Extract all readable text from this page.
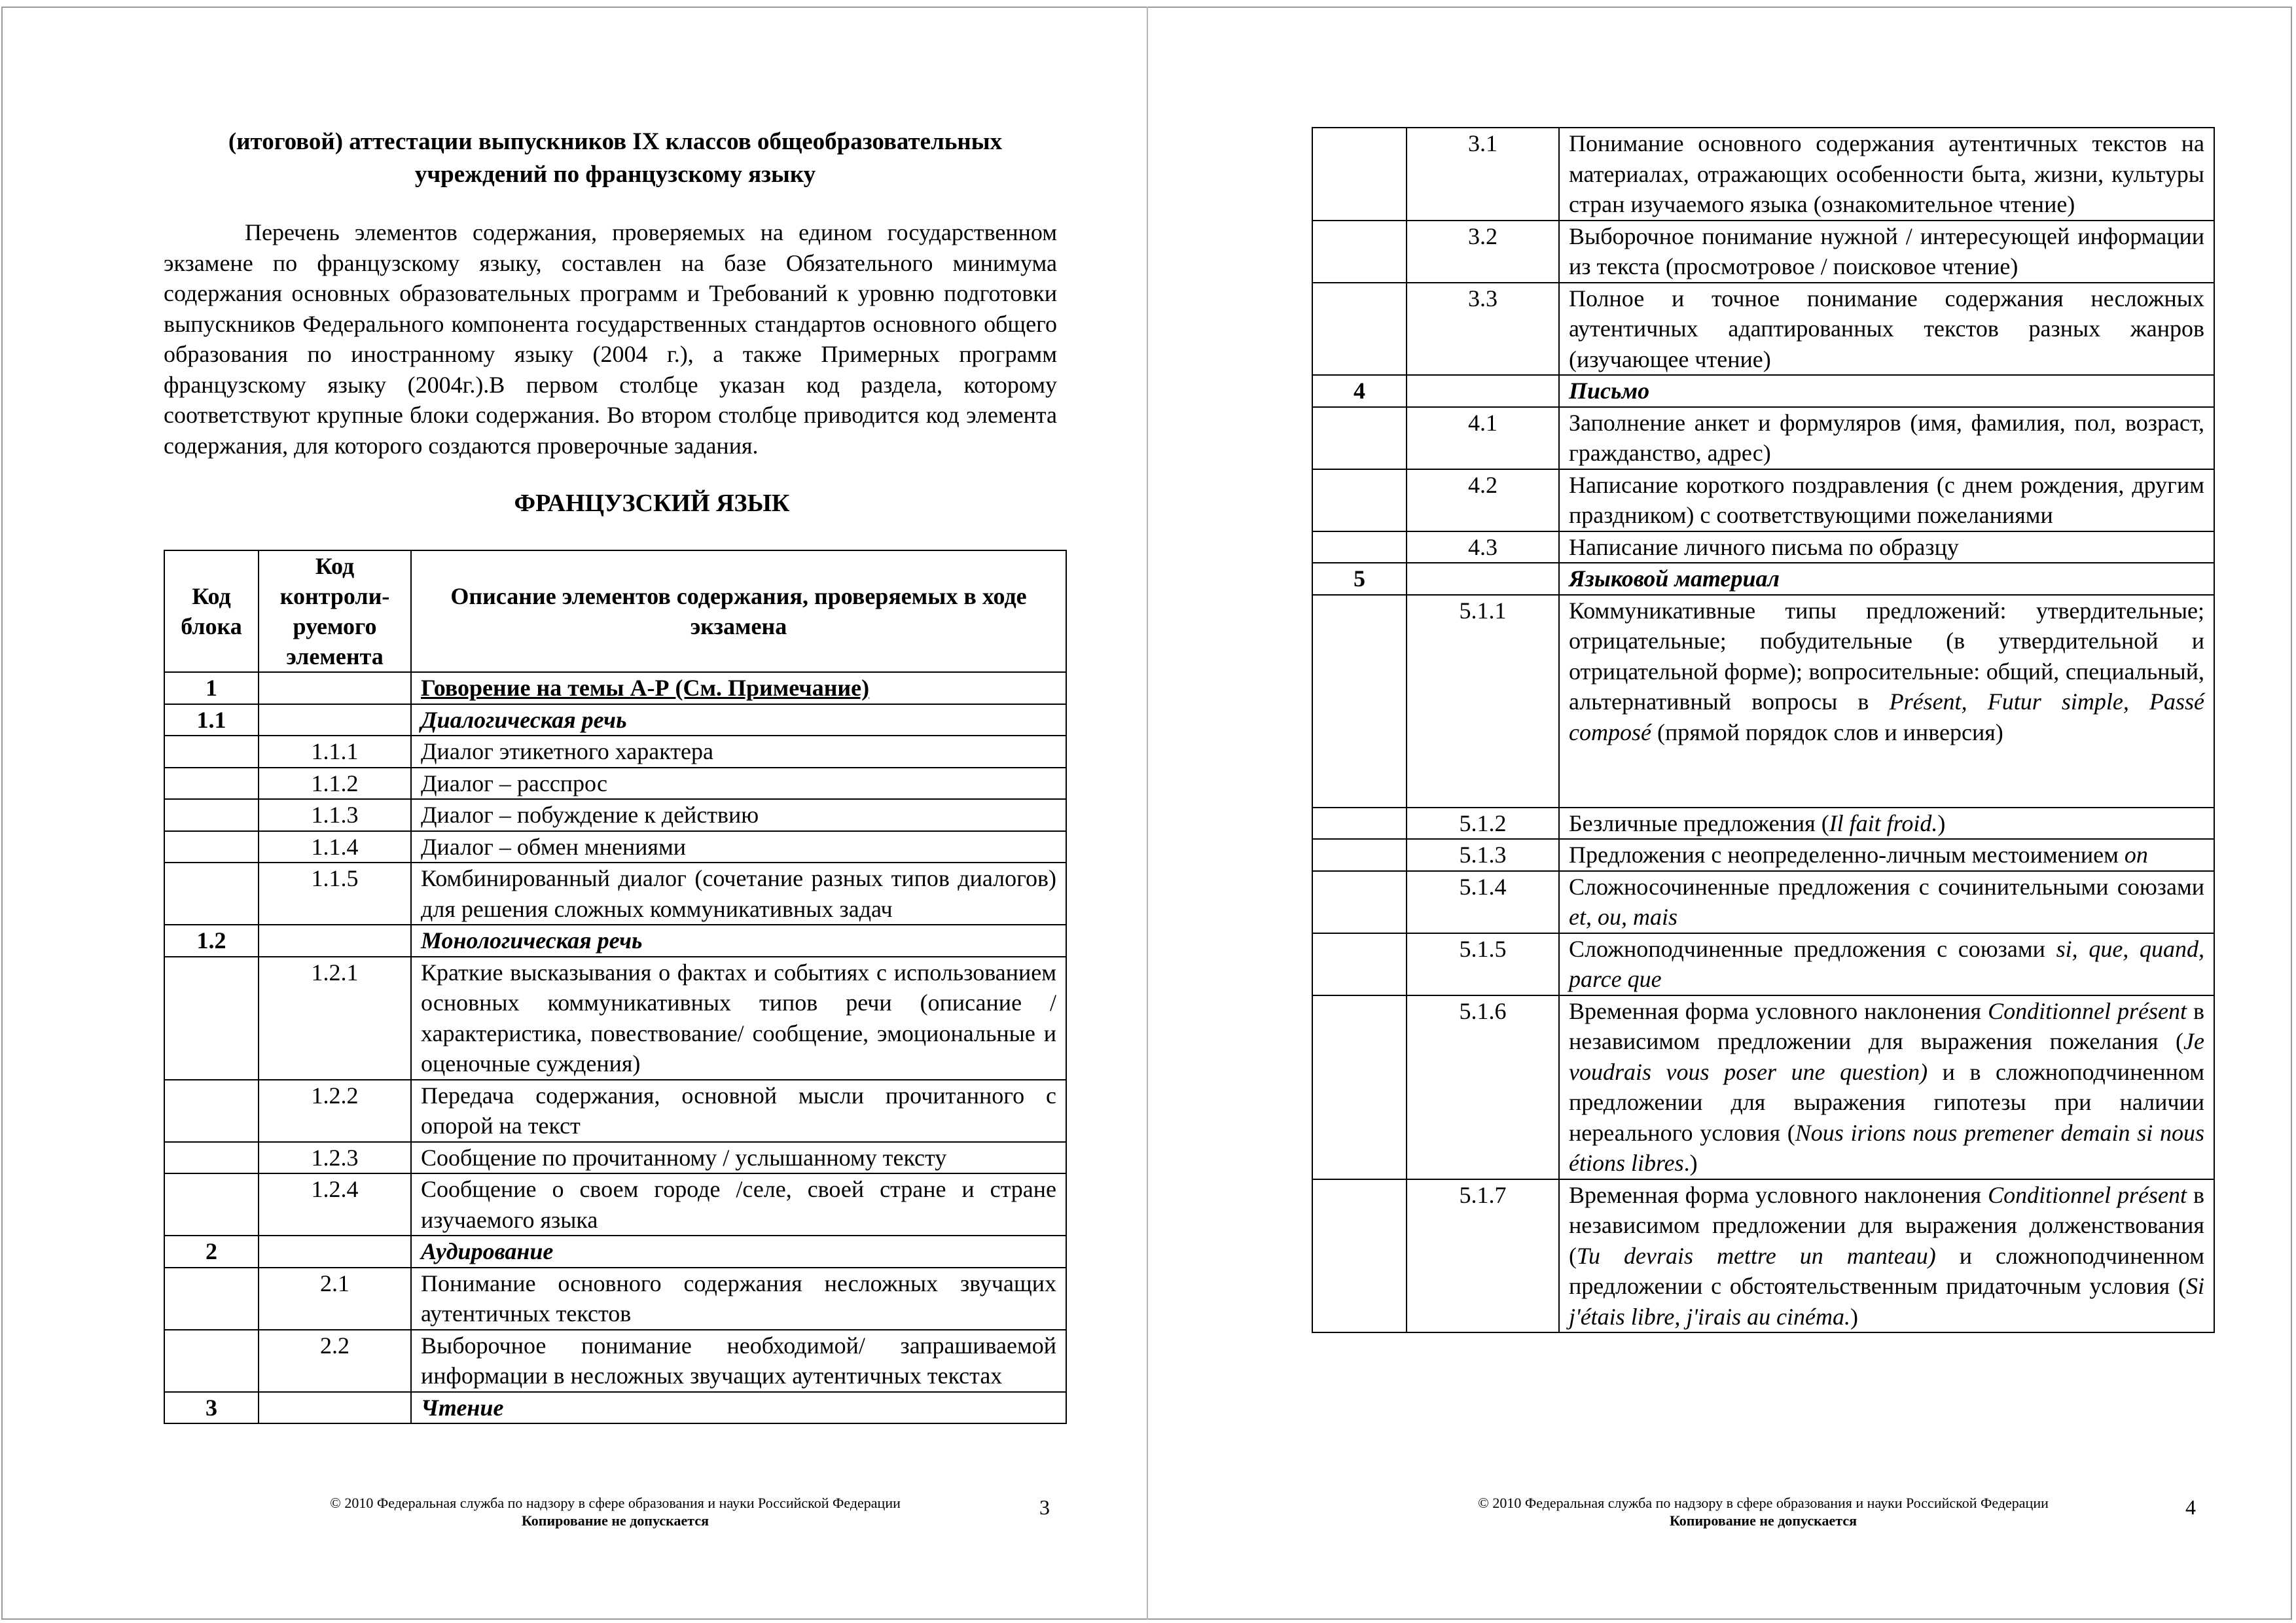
(итоговой) аттестации выпускников IX классов общеобразовательных учреждений по французскому языку

Перечень элементов содержания, проверяемых на едином государственном экзамене по французскому языку, составлен на базе Обязательного минимума содержания основных образовательных программ и Требований к уровню подготовки выпускников Федерального компонента государственных стандартов основного общего образования по иностранному языку (2004 г.), а также Примерных программ французскому языку (2004г.).В первом столбце указан код раздела, которому соответствуют крупные блоки содержания. Во втором столбце приводится код элемента содержания, для которого создаются проверочные задания.

ФРАНЦУЗСКИЙ ЯЗЫК

Код блока	Код контроли-руемого элемента	Описание элементов содержания, проверяемых в ходе экзамена
1		Говорение на темы А-Р (См. Примечание)
1.1		Диалогическая речь
	1.1.1	Диалог этикетного характера
	1.1.2	Диалог – расспрос
	1.1.3	Диалог – побуждение к действию
	1.1.4	Диалог – обмен мнениями
	1.1.5	Комбинированный диалог (сочетание разных типов диалогов) для решения сложных коммуникативных задач
1.2		Монологическая речь
	1.2.1	Краткие высказывания о фактах и событиях с использованием основных коммуникативных типов речи (описание / характеристика, повествование/ сообщение, эмоциональные и оценочные суждения)
	1.2.2	Передача содержания, основной мысли прочитанного с опорой на текст
	1.2.3	Сообщение по прочитанному / услышанному тексту
	1.2.4	Сообщение о своем городе /селе, своей стране и стране изучаемого языка
2		Аудирование
	2.1	Понимание основного содержания несложных звучащих аутентичных текстов
	2.2	Выборочное понимание необходимой/ запрашиваемой информации в несложных звучащих аутентичных текстах
3		Чтение
© 2010 Федеральная служба по надзору в сфере образования и науки Российской Федерации
Копирование не допускается
3
	3.1	Понимание основного содержания аутентичных текстов на материалах, отражающих особенности быта, жизни, культуры стран изучаемого языка (ознакомительное чтение)
	3.2	Выборочное понимание нужной / интересующей информации из текста (просмотровое / поисковое чтение)
	3.3	Полное и точное понимание содержания несложных аутентичных адаптированных текстов разных жанров (изучающее чтение)
4		Письмо
	4.1	Заполнение анкет и формуляров (имя, фамилия, пол, возраст, гражданство, адрес)
	4.2	Написание короткого поздравления (с днем рождения, другим праздником) с соответствующими пожеланиями
	4.3	Написание личного письма по образцу
5		Языковой материал
	5.1.1	Коммуникативные типы предложений: утвердительные; отрицательные; побудительные (в утвердительной и отрицательной форме); вопросительные: общий, специальный, альтернативный вопросы в Présent, Futur simple, Passé composé (прямой порядок слов и инверсия)
	5.1.2	Безличные предложения (Il fait froid.)
	5.1.3	Предложения с неопределенно-личным местоимением on
	5.1.4	Сложносочиненные предложения с сочинительными союзами et, ou, mais
	5.1.5	Сложноподчиненные предложения с союзами si, que, quand, parce que
	5.1.6	Временная форма условного наклонения Conditionnel présent в независимом предложении для выражения пожелания (Je voudrais vous poser une question) и в сложноподчиненном предложении для выражения гипотезы при наличии нереального условия (Nous irions nous premener demain si nous étions libres.)
	5.1.7	Временная форма условного наклонения Conditionnel présent в независимом предложении для выражения долженствования (Tu devrais mettre un manteau) и сложноподчиненном предложении с обстоятельственным придаточным условия (Si j'étais libre, j'irais au cinéma.)
© 2010 Федеральная служба по надзору в сфере образования и науки Российской Федерации
Копирование не допускается
4
